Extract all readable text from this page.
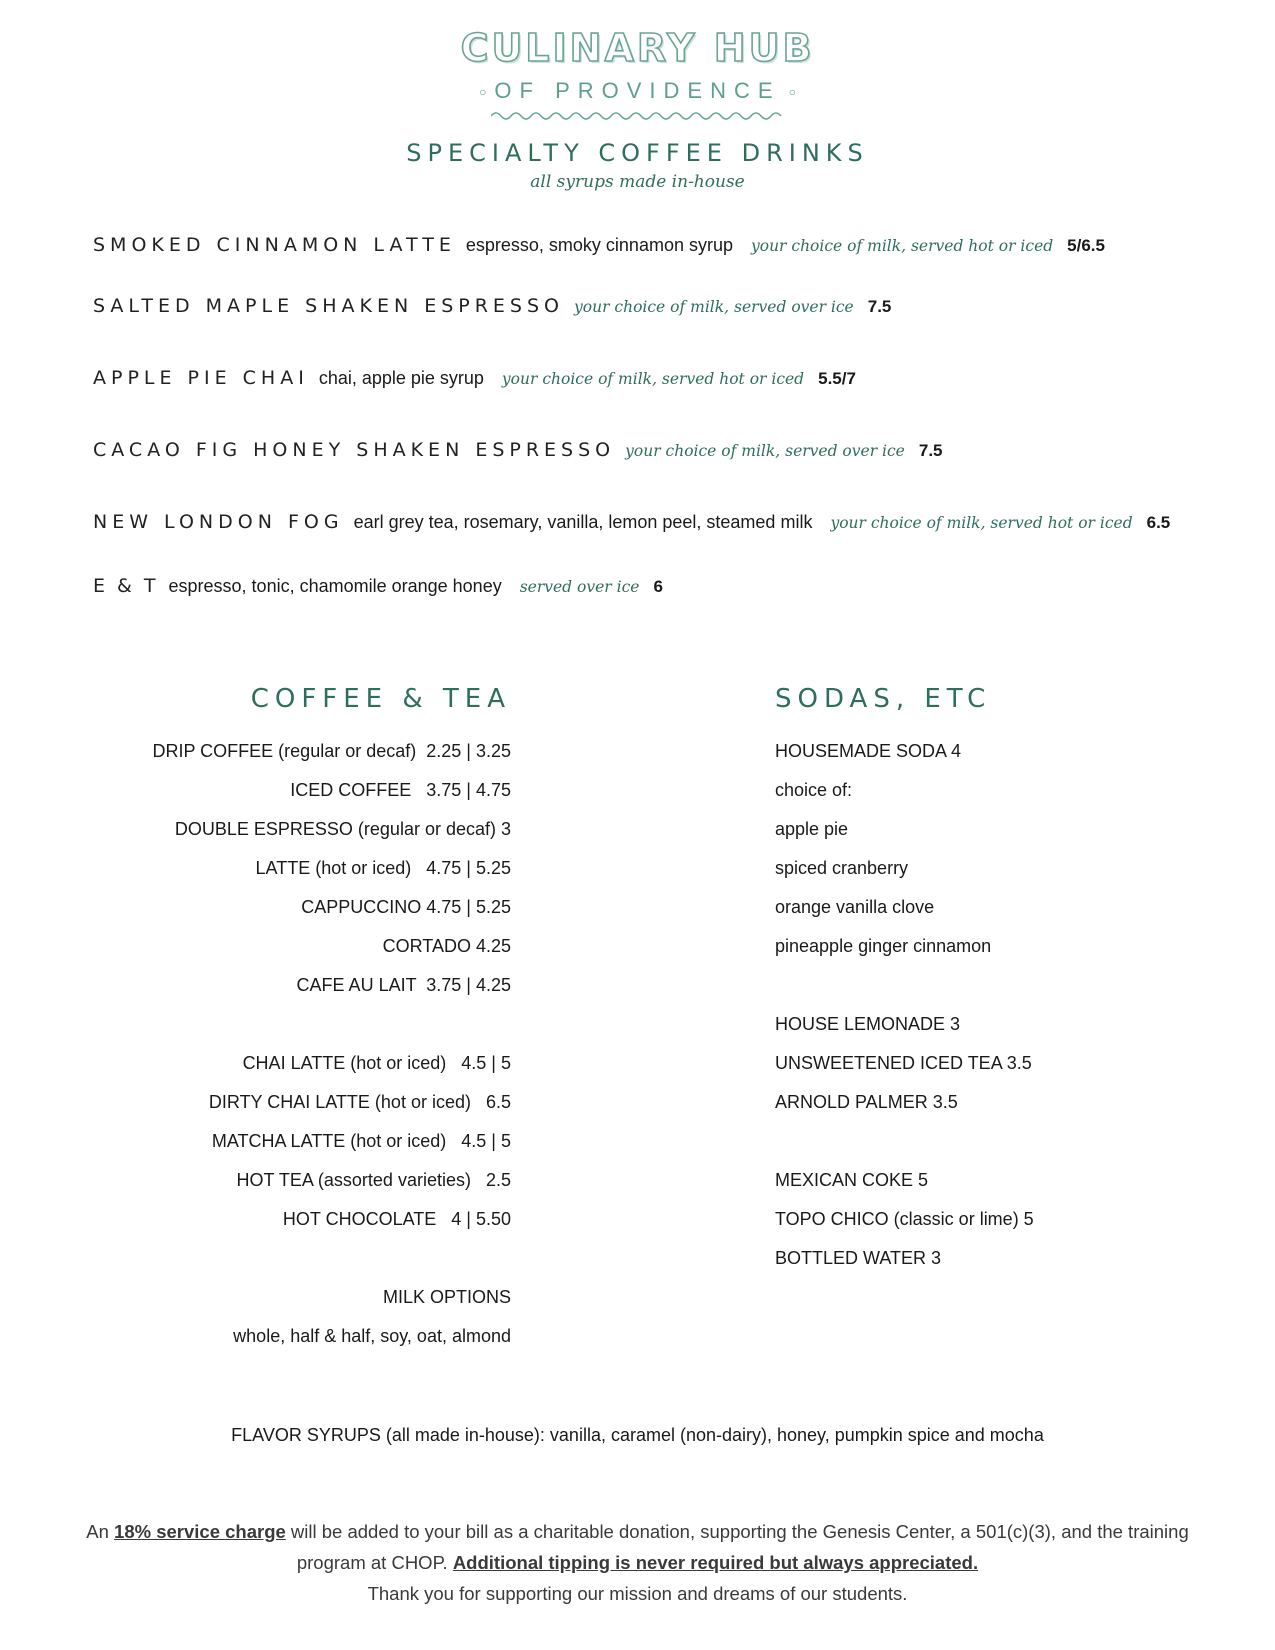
CULINARY HUB
○ OF PROVIDENCE ○
SPECIALTY COFFEE DRINKS
all syrups made in-house
SMOKED CINNAMON LATTE espresso, smoky cinnamon syrup your choice of milk, served hot or iced 5/6.5
SALTED MAPLE SHAKEN ESPRESSO your choice of milk, served over ice 7.5
APPLE PIE CHAI chai, apple pie syrup your choice of milk, served hot or iced 5.5/7
CACAO FIG HONEY SHAKEN ESPRESSO your choice of milk, served over ice 7.5
NEW LONDON FOG earl grey tea, rosemary, vanilla, lemon peel, steamed milk your choice of milk, served hot or iced 6.5
E & T espresso, tonic, chamomile orange honey served over ice 6
COFFEE & TEA	SODAS, ETC
DRIP COFFEE (regular or decaf)  2.25 | 3.25
ICED COFFEE   3.75 | 4.75
DOUBLE ESPRESSO (regular or decaf) 3
LATTE (hot or iced)   4.75 | 5.25
CAPPUCCINO 4.75 | 5.25
CORTADO 4.25
CAFE AU LAIT  3.75 | 4.25
CHAI LATTE (hot or iced)   4.5 | 5
DIRTY CHAI LATTE (hot or iced)   6.5
MATCHA LATTE (hot or iced)   4.5 | 5
HOT TEA (assorted varieties)   2.5
HOT CHOCOLATE   4 | 5.50
MILK OPTIONS
whole, half & half, soy, oat, almond
HOUSEMADE SODA 4
choice of:
apple pie
spiced cranberry
orange vanilla clove
pineapple ginger cinnamon
HOUSE LEMONADE 3
UNSWEETENED ICED TEA 3.5
ARNOLD PALMER 3.5
MEXICAN COKE 5
TOPO CHICO (classic or lime) 5
BOTTLED WATER 3
FLAVOR SYRUPS (all made in-house): vanilla, caramel (non-dairy), honey, pumpkin spice and mocha
An 18% service charge will be added to your bill as a charitable donation, supporting the Genesis Center, a 501(c)(3), and the training program at CHOP. Additional tipping is never required but always appreciated.
Thank you for supporting our mission and dreams of our students.
